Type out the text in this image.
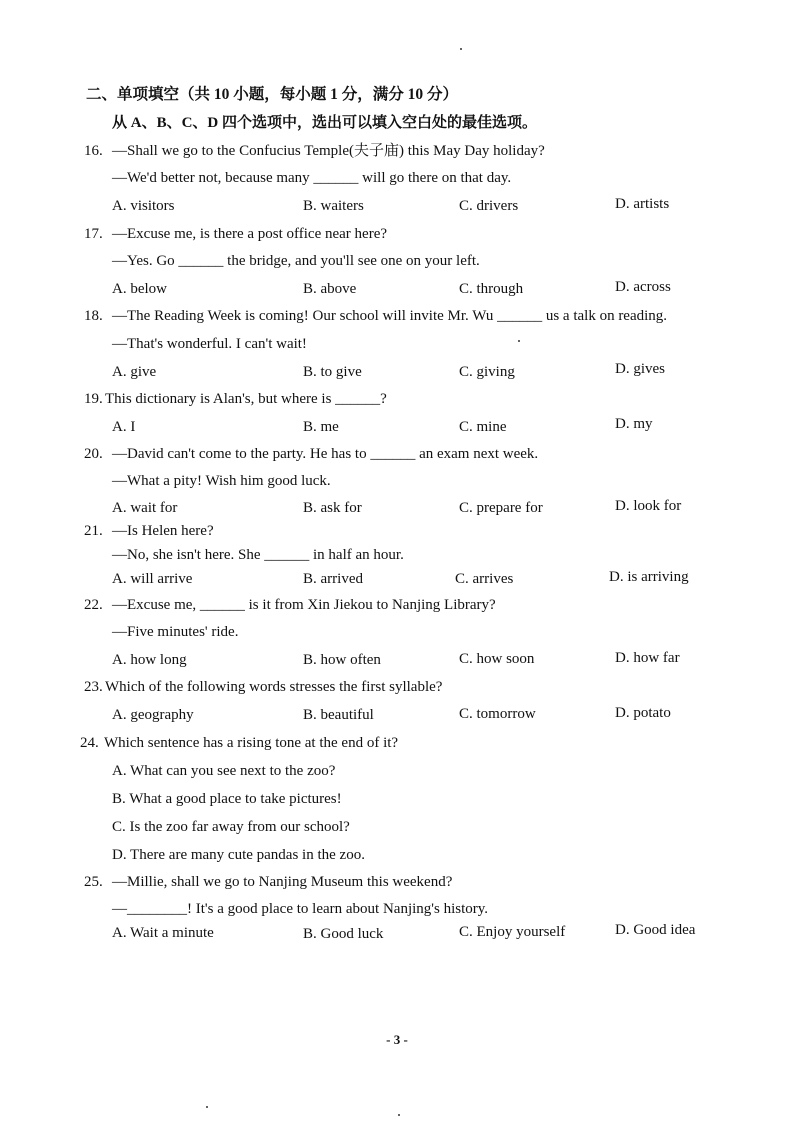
二、单项填空（共 10 小题，每小题 1 分，满分 10 分）
从 A、B、C、D 四个选项中，选出可以填入空白处的最佳选项。
16. —Shall we go to the Confucius Temple(夫子庙) this May Day holiday?
—We'd better not, because many ______ will go there on that day.
A. visitors	B. waiters	C. drivers	D. artists
17. —Excuse me, is there a post office near here?
—Yes. Go ______ the bridge, and you'll see one on your left.
A. below	B. above	C. through	D. across
18. —The Reading Week is coming! Our school will invite Mr. Wu ______ us a talk on reading.
—That's wonderful. I can't wait!
A. give	B. to give	C. giving	D. gives
19. This dictionary is Alan's, but where is ______?
A. I	B. me	C. mine	D. my
20. —David can't come to the party. He has to ______ an exam next week.
—What a pity! Wish him good luck.
A. wait for	B. ask for	C. prepare for	D. look for
21. —Is Helen here?
—No, she isn't here. She ______ in half an hour.
A. will arrive	B. arrived	C. arrives	D. is arriving
22. —Excuse me, ______ is it from Xin Jiekou to Nanjing Library?
—Five minutes' ride.
A. how long	B. how often	C. how soon	D. how far
23. Which of the following words stresses the first syllable?
A. geography	B. beautiful	C. tomorrow	D. potato
24. Which sentence has a rising tone at the end of it?
A. What can you see next to the zoo?
B. What a good place to take pictures!
C. Is the zoo far away from our school?
D. There are many cute pandas in the zoo.
25. —Millie, shall we go to Nanjing Museum this weekend?
—________! It's a good place to learn about Nanjing's history.
A. Wait a minute	B. Good luck	C. Enjoy yourself	D. Good idea
- 3 -
